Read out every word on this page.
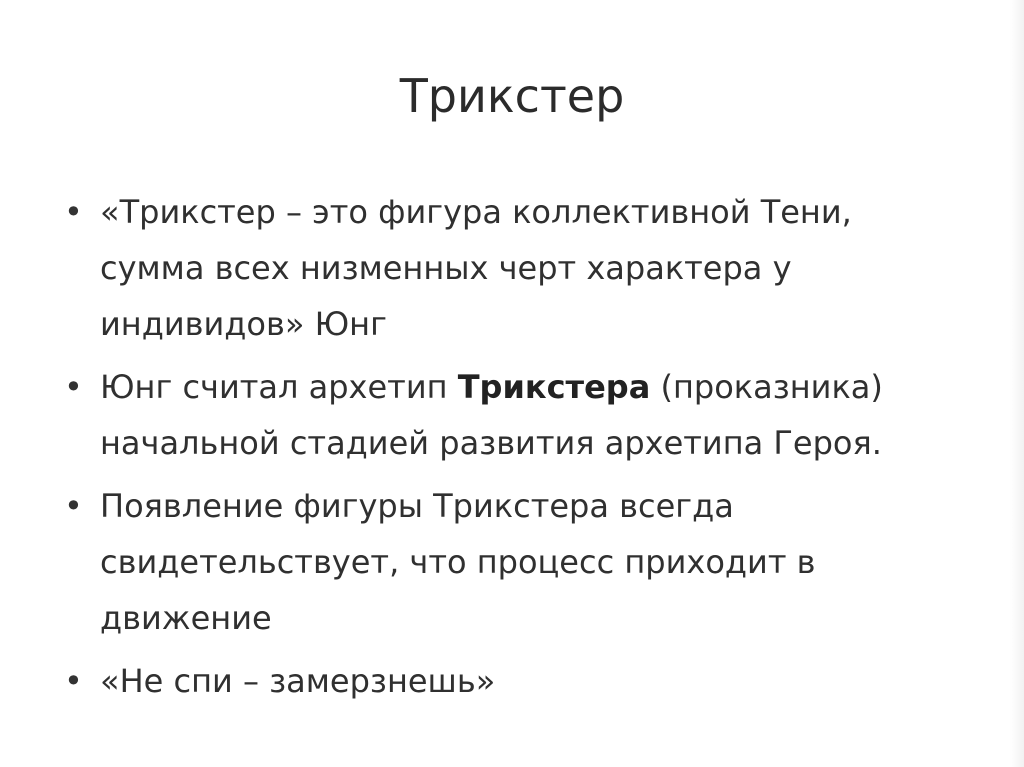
Трикстер
• «Трикстер – это фигура коллективной Тени, сумма всех низменных черт характера у индивидов» Юнг
• Юнг считал архетип Трикстера (проказника) начальной стадией развития архетипа Героя.
• Появление фигуры Трикстера всегда свидетельствует, что процесс приходит в движение
• «Не спи – замерзнешь»
